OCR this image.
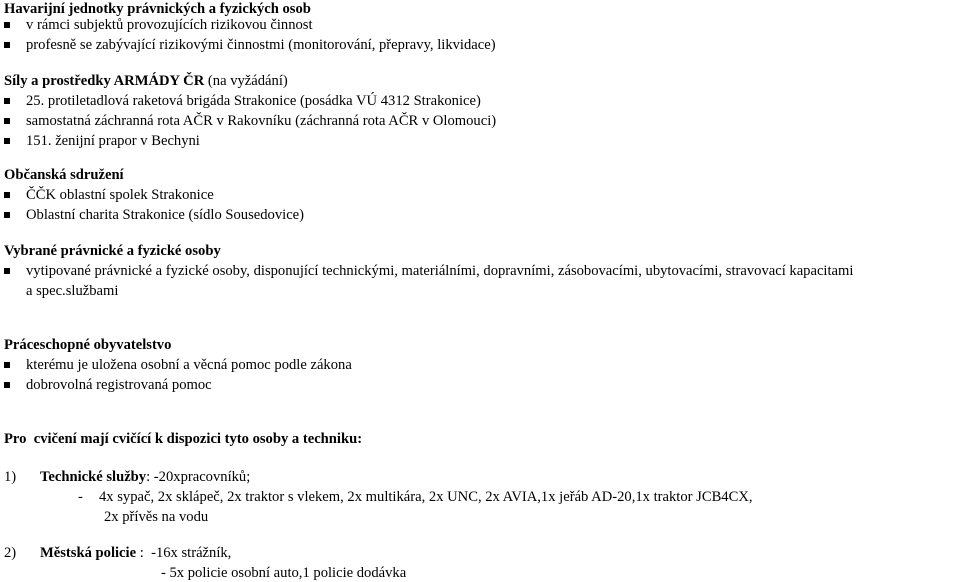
Havarijní jednotky právnických a fyzických osob
v rámci subjektů provozujících rizikovou činnost
profesně se zabývající rizikovými činnostmi (monitorování, přepravy, likvidace)
Síly a prostředky ARMÁDY ČR (na vyžádání)
25. protiletadlová raketová brigáda Strakonice (posádka VÚ 4312 Strakonice)
samostatná záchranná rota AČR v Rakovníku (záchranná rota AČR v Olomouci)
151. ženijní prapor v Bechyni
Občanská sdružení
ČČK oblastní spolek Strakonice
Oblastní charita Strakonice (sídlo Sousedovice)
Vybrané právnické a fyzické osoby
vytipované právnické a fyzické osoby, disponující technickými, materiálními, dopravními, zásobovacími, ubytovacími, stravovací kapacitami
a spec.službami
Práceschopné obyvatelstvo
kterému je uložena osobní a věcná pomoc podle zákona
dobrovolná registrovaná pomoc
Pro  cvičení mají cvičící k dispozici tyto osoby a techniku:
1) Technické služby: -20xpracovníků;
- 4x sypač, 2x sklápeč, 2x traktor s vlekem, 2x multikára, 2x UNC, 2x AVIA,1x jeřáb AD-20,1x traktor JCB4CX,
2x přívěs na vodu
2) Městská policie :  -16x strážník,
- 5x policie osobní auto,1 policie dodávka
